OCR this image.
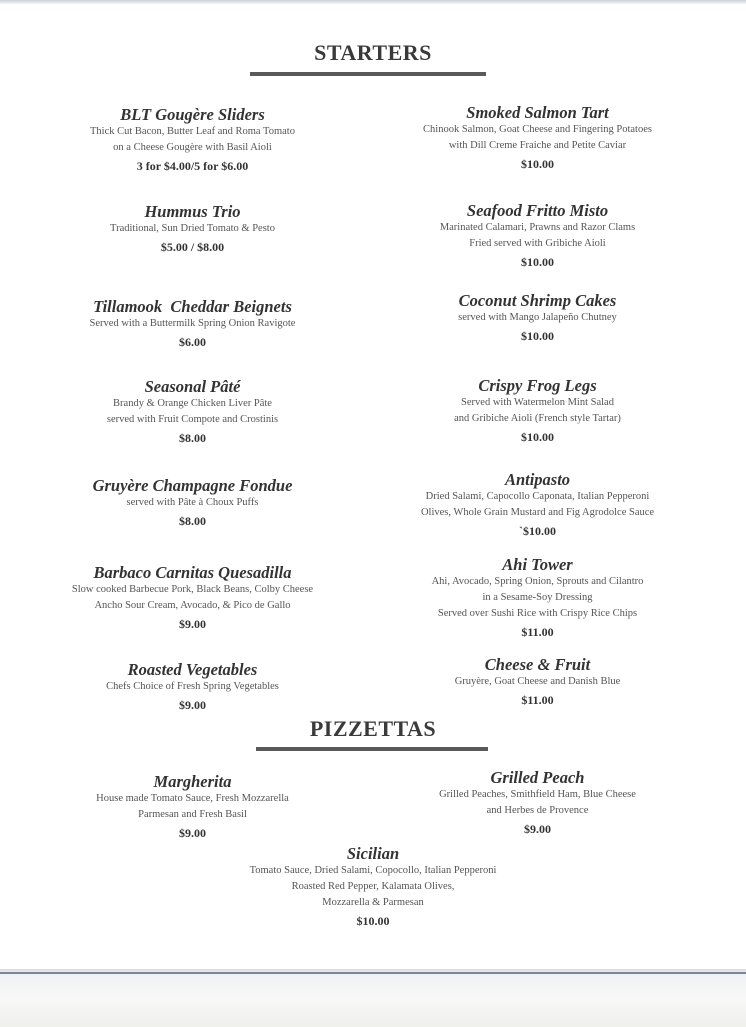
STARTERS
BLT Gougère Sliders
Thick Cut Bacon, Butter Leaf and Roma Tomato
on a Cheese Gougère with Basil Aioli
3 for $4.00/5 for $6.00
Hummus Trio
Traditional, Sun Dried Tomato & Pesto
$5.00 / $8.00
Tillamook  Cheddar Beignets
Served with a Buttermilk Spring Onion Ravigote
$6.00
Seasonal Pâté
Brandy & Orange Chicken Liver Pâte
served with Fruit Compote and Crostinis
$8.00
Gruyère Champagne Fondue
served with Pâte à Choux Puffs
$8.00
Barbaco Carnitas Quesadilla
Slow cooked Barbecue Pork, Black Beans, Colby Cheese
Ancho Sour Cream, Avocado, & Pico de Gallo
$9.00
Roasted Vegetables
Chefs Choice of Fresh Spring Vegetables
$9.00
Smoked Salmon Tart
Chinook Salmon, Goat Cheese and Fingering Potatoes
with Dill Creme Fraiche and Petite Caviar
$10.00
Seafood Fritto Misto
Marinated Calamari, Prawns and Razor Clams
Fried served with Gribiche Aioli
$10.00
Coconut Shrimp Cakes
served with Mango Jalapeño Chutney
$10.00
Crispy Frog Legs
Served with Watermelon Mint Salad
and Gribiche Aioli (French style Tartar)
$10.00
Antipasto
Dried Salami, Capocollo Caponata, Italian Pepperoni
Olives, Whole Grain Mustard and Fig Agrodolce Sauce
`$10.00
Ahi Tower
Ahi, Avocado, Spring Onion, Sprouts and Cilantro
in a Sesame-Soy Dressing
Served over Sushi Rice with Crispy Rice Chips
$11.00
Cheese & Fruit
Gruyère, Goat Cheese and Danish Blue
$11.00
PIZZETTAS
Margherita
House made Tomato Sauce, Fresh Mozzarella
Parmesan and Fresh Basil
$9.00
Grilled Peach
Grilled Peaches, Smithfield Ham, Blue Cheese
and Herbes de Provence
$9.00
Sicilian
Tomato Sauce, Dried Salami, Copocollo, Italian Pepperoni
Roasted Red Pepper, Kalamata Olives,
Mozzarella & Parmesan
$10.00
